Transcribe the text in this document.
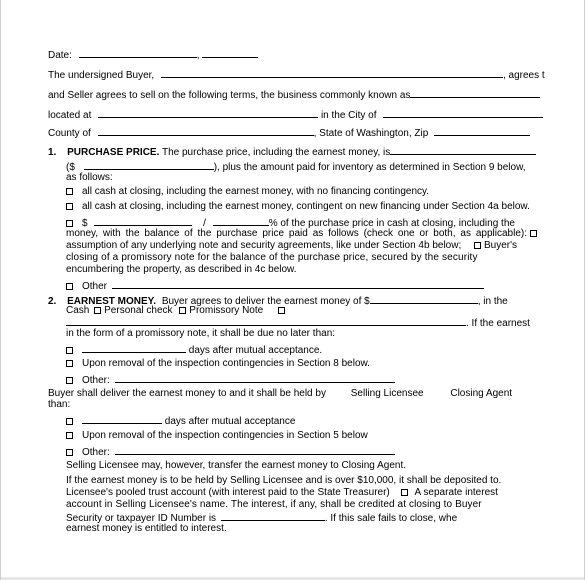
Date:	,
The undersigned Buyer,	, agrees t
and Seller agrees to sell on the following terms, the business commonly known as
located at	in the City of
County of	, State of Washington, Zip
1. PURCHASE PRICE. The purchase price, including the earnest money, is
($	), plus the amount paid for inventory as determined in Section 9 below,
as follows:
all cash at closing, including the earnest money, with no financing contingency.
all cash at closing, including the earnest money, contingent on new financing under Section 4a below.
$	/	% of the purchase price in cash at closing, including the
money, with the balance of the purchase price paid as follows (check one or both, as applicable):
assumption of any underlying note and security agreements, like under Section 4b below; Buyer's
closing of a promissory note for the balance of the purchase price, secured by the security
encumbering the property, as described in 4c below.
Other
2. EARNEST MONEY. Buyer agrees to deliver the earnest money of $	, in the
Cash Personal check Promissory Note
. If the earnest
in the form of a promissory note, it shall be due no later than:
days after mutual acceptance.
Upon removal of the inspection contingencies in Section 8 below.
Other:
Buyer shall deliver the earnest money to and it shall be held by Selling Licensee	Closing Agent
than:
days after mutual acceptance
Upon removal of the inspection contingencies in Section 5 below
Other:
Selling Licensee may, however, transfer the earnest money to Closing Agent.
If the earnest money is to be held by Selling Licensee and is over $10,000, it shall be deposited to.
Licensee's pooled trust account (with interest paid to the State Treasurer) A separate interest
account in Selling Licensee's name. The interest, if any, shall be credited at closing to Buyer
Security or taxpayer ID Number is	. If this sale fails to close, whe
earnest money is entitled to interest.
